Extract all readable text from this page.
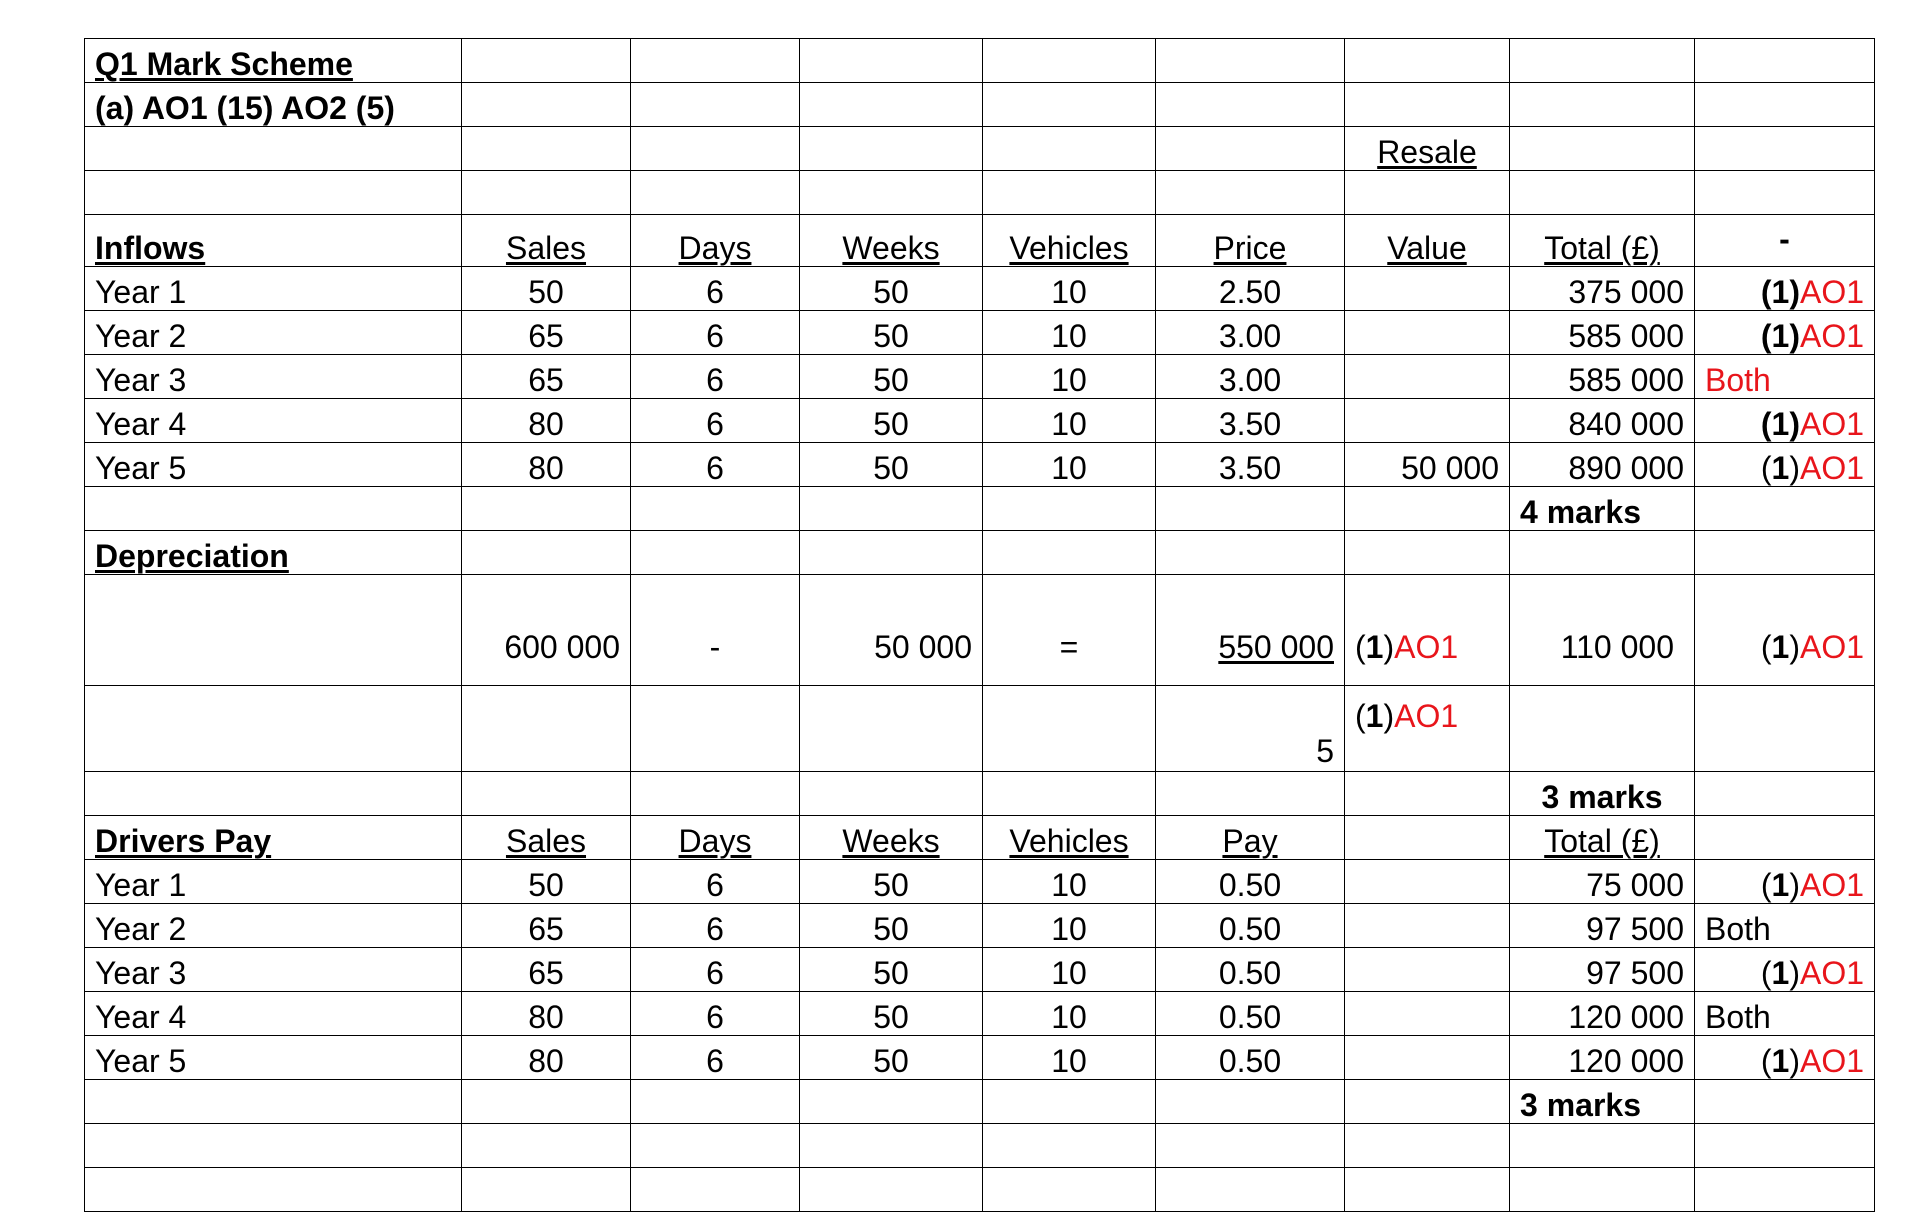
Q1 Mark Scheme								
(a) AO1 (15) AO2 (5)								
						Resale		

Inflows	Sales	Days	Weeks	Vehicles	Price	Value	Total (£)	-
Year 1	50	6	50	10	2.50		375 000	(1)AO1
Year 2	65	6	50	10	3.00		585 000	(1)AO1
Year 3	65	6	50	10	3.00		585 000	Both
Year 4	80	6	50	10	3.50		840 000	(1)AO1
Year 5	80	6	50	10	3.50	50 000	890 000	(1)AO1
							4 marks	
Depreciation								
	600 000	-	50 000	=	550 000	(1)AO1	110 000	(1)AO1
					5	(1)AO1		
							3 marks	
Drivers Pay	Sales	Days	Weeks	Vehicles	Pay		Total (£)	
Year 1	50	6	50	10	0.50		75 000	(1)AO1
Year 2	65	6	50	10	0.50		97 500	Both
Year 3	65	6	50	10	0.50		97 500	(1)AO1
Year 4	80	6	50	10	0.50		120 000	Both
Year 5	80	6	50	10	0.50		120 000	(1)AO1
							3 marks	
